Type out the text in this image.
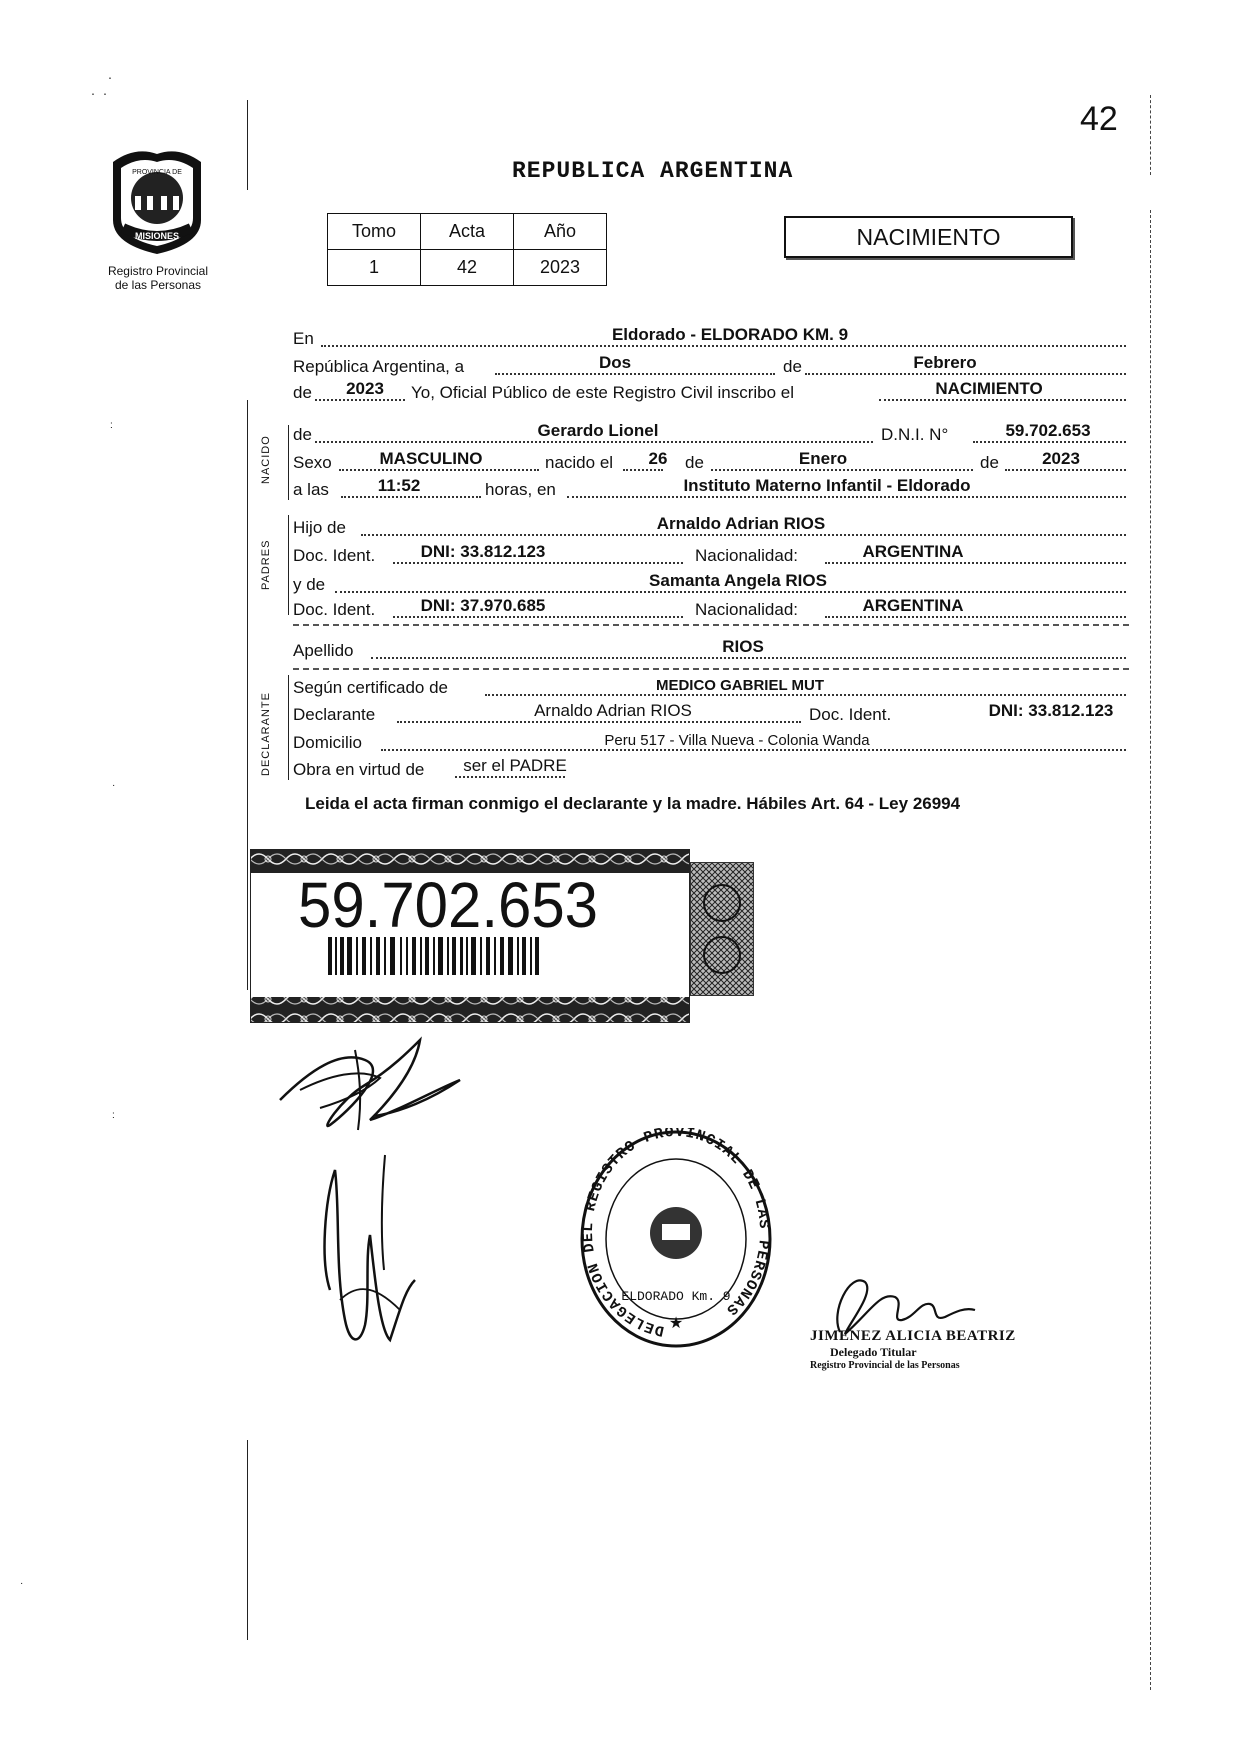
·
· ·
42
PROVINCIA DE
MISIONES
Registro Provincial
de las Personas
REPUBLICA ARGENTINA
Tomo	Acta	Año
1	42	2023
NACIMIENTO
NACIDO
PADRES
DECLARANTE
En	Eldorado - ELDORADO KM. 9
República Argentina, a	Dos	de	Febrero
de 2023 Yo, Oficial Público de este Registro Civil inscribo el	NACIMIENTO
de	Gerardo Lionel	D.N.I. N°	59.702.653
Sexo	MASCULINO	nacido el 26 de	Enero	de	2023
a las	11:52	horas, en	Instituto Materno Infantil - Eldorado
Hijo de	Arnaldo Adrian RIOS
Doc. Ident.	DNI: 33.812.123	Nacionalidad:	ARGENTINA
y de	Samanta Angela RIOS
Doc. Ident.	DNI: 37.970.685	Nacionalidad:	ARGENTINA
Apellido	RIOS
Según certificado de	MEDICO GABRIEL MUT
Declarante	Arnaldo Adrian RIOS	Doc. Ident.	DNI: 33.812.123
Domicilio	Peru 517 - Villa Nueva - Colonia Wanda
Obra en virtud de ser el PADRE
Leida el acta firman conmigo el declarante y la madre. Hábiles Art. 64 - Ley 26994
59.702.653
DELEGACION DEL REGISTRO PROVINCIAL DE LAS PERSONAS
ELDORADO Km. 9
★
JIMENEZ ALICIA BEATRIZ
Delegado Titular
Registro Provincial de las Personas
:
·
:
·
